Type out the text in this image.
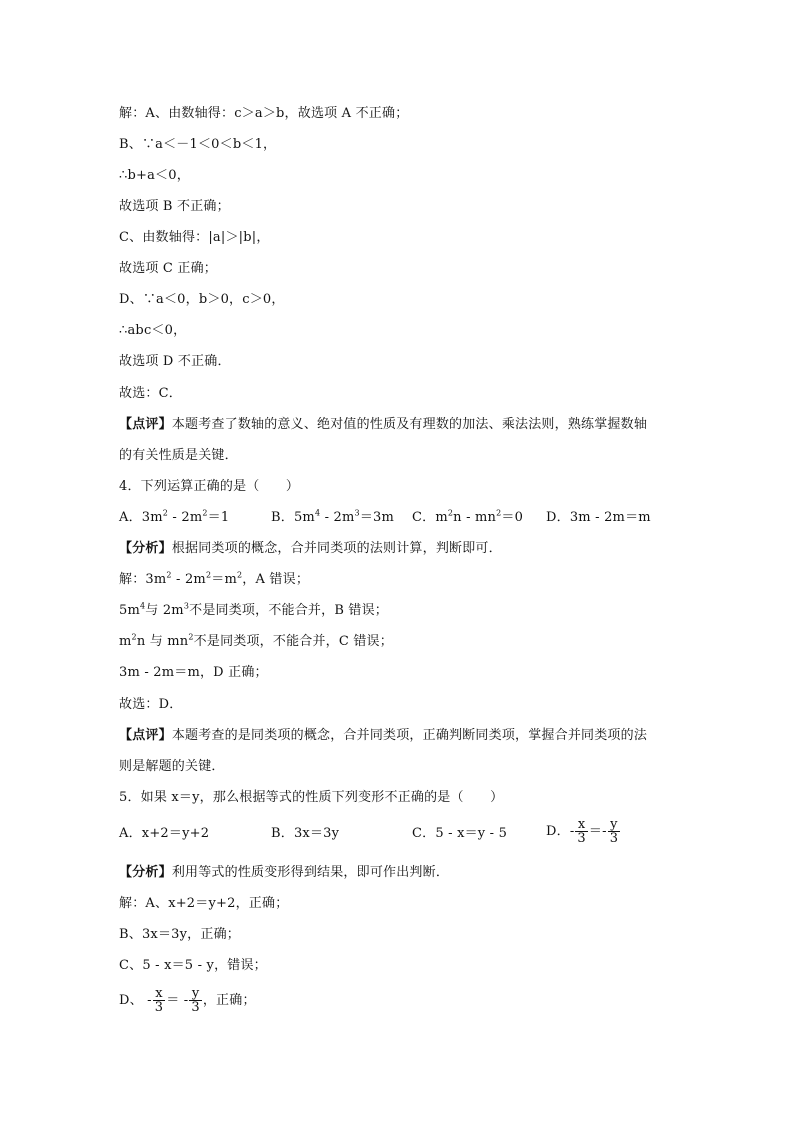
解：A、由数轴得：c＞a＞b，故选项 A 不正确；
B、∵a＜－1＜0＜b＜1，
∴b+a＜0，
故选项 B 不正确；
C、由数轴得：|a|＞|b|，
故选项 C 正确；
D、∵a＜0，b＞0，c＞0，
∴abc＜0，
故选项 D 不正确．
故选：C．
【点评】本题考查了数轴的意义、绝对值的性质及有理数的加法、乘法法则，熟练掌握数轴
的有关性质是关键．
4．下列运算正确的是（　　）
A．$3m^2 - 2m^2=1$	B．$5m^4 - 2m^3=3m$ C．$m^2n - mn^2=0$ D．3m - 2m＝m
【分析】根据同类项的概念，合并同类项的法则计算，判断即可．
解：$3m^2 - 2m^2=m^2$，A 错误；
$5m^4$与 $2m^3$不是同类项，不能合并，B 错误；
$m^2n$ 与 $mn^2$不是同类项，不能合并，C 错误；
3m - 2m＝m，D 正确；
故选：D．
【点评】本题考查的是同类项的概念，合并同类项，正确判断同类项，掌握合并同类项的法
则是解题的关键．
5．如果 x＝y，那么根据等式的性质下列变形不正确的是（　　）
A．x+2＝y+2	B．3x＝3y	C．5 - x＝y - 5	D．- $\frac{x}{3} =- \frac{y}{3}$
【分析】利用等式的性质变形得到结果，即可作出判断．
解：A、x+2＝y+2，正确；
B、3x＝3y，正确；
C、5 - x＝5 - y，错误；
D、 - $\frac{x}{3}$ ＝ - $\frac{y}{3}$ ，正确；
